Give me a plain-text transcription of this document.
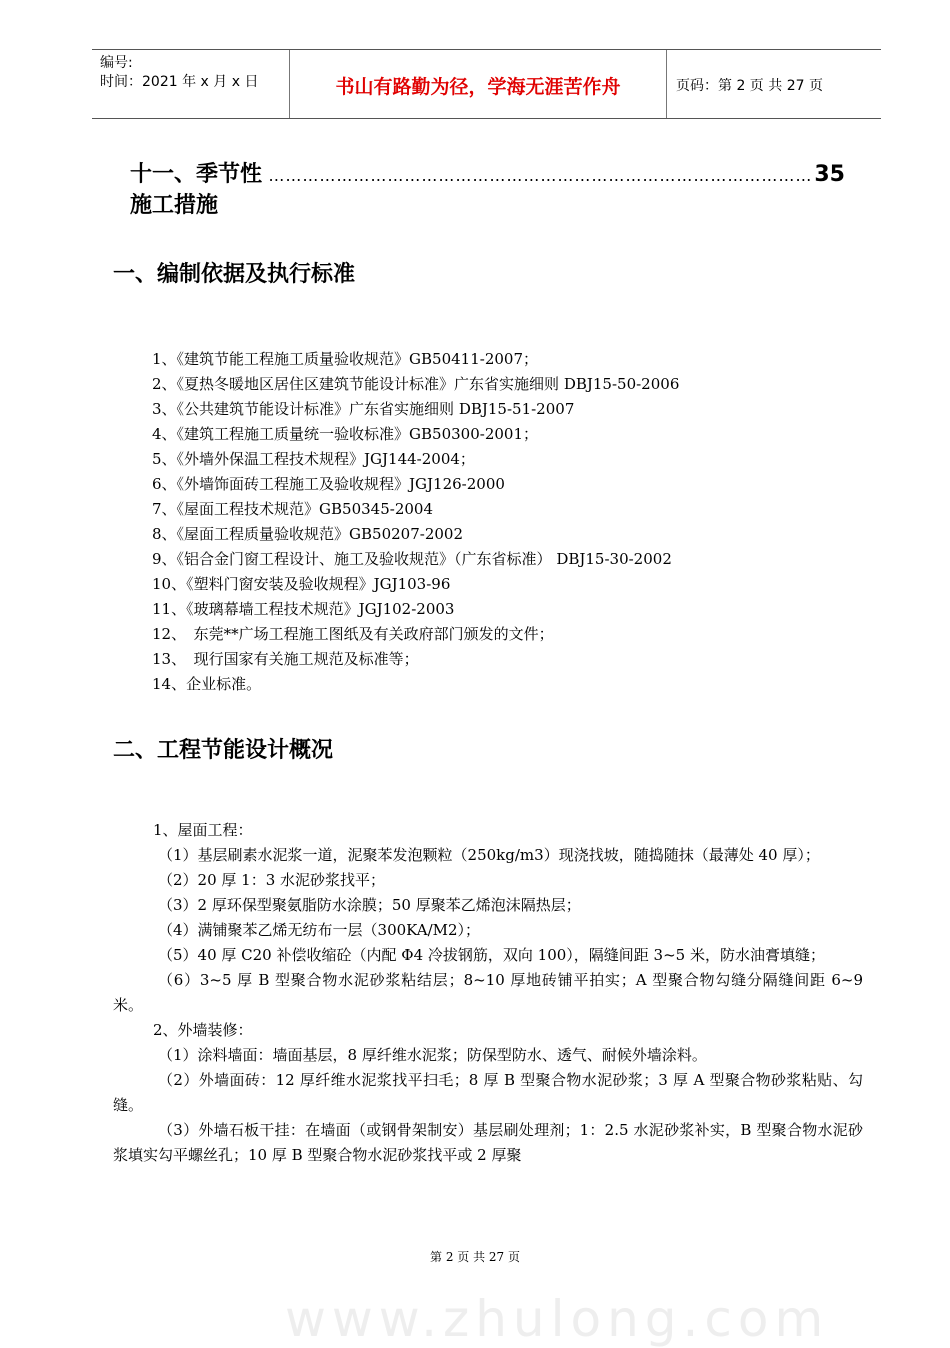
编号:
时间：2021 年 x 月 x 日	书山有路勤为径，学海无涯苦作舟	页码：第 2 页 共 27 页
十一、季节性施工措施
…………………………………………………………………………………… 35
一、编制依据及执行标准
1、《建筑节能工程施工质量验收规范》GB50411-2007；
2、《夏热冬暖地区居住区建筑节能设计标准》广东省实施细则 DBJ15-50-2006
3、《公共建筑节能设计标准》广东省实施细则 DBJ15-51-2007
4、《建筑工程施工质量统一验收标准》GB50300-2001；
5、《外墙外保温工程技术规程》JGJ144-2004；
6、《外墙饰面砖工程施工及验收规程》JGJ126-2000
7、《屋面工程技术规范》GB50345-2004
8、《屋面工程质量验收规范》GB50207-2002
9、《铝合金门窗工程设计、施工及验收规范》（广东省标准） DBJ15-30-2002
10、《塑料门窗安装及验收规程》JGJ103-96
11、《玻璃幕墙工程技术规范》JGJ102-2003
12、　东莞**广场工程施工图纸及有关政府部门颁发的文件；
13、　现行国家有关施工规范及标准等；
14、企业标准。
二、工程节能设计概况

1、屋面工程：

（1）基层刷素水泥浆一道，泥聚苯发泡颗粒（250kg/m3）现浇找坡，随捣随抹（最薄处 40 厚）；

（2）20 厚 1：3 水泥砂浆找平；

（3）2 厚环保型聚氨脂防水涂膜；50 厚聚苯乙烯泡沫隔热层；

（4）满铺聚苯乙烯无纺布一层（300KA/M2）；

（5）40 厚 C20 补偿收缩砼（内配 Φ4 冷拔钢筋，双向 100），隔缝间距 3~5 米，防水油膏填缝；

（6）3~5 厚 B 型聚合物水泥砂浆粘结层；8~10 厚地砖铺平拍实；A 型聚合物勾缝分隔缝间距 6~9 米。

2、外墙装修：

（1）涂料墙面：墙面基层，8 厚纤维水泥浆；防保型防水、透气、耐候外墙涂料。

（2）外墙面砖：12 厚纤维水泥浆找平扫毛；8 厚 B 型聚合物水泥砂浆；3 厚 A 型聚合物砂浆粘贴、勾缝。

（3）外墙石板干挂：在墙面（或钢骨架制安）基层刷处理剂；1：2.5 水泥砂浆补实，B 型聚合物水泥砂浆填实勾平螺丝孔；10 厚 B 型聚合物水泥砂浆找平或 2 厚聚

第 2 页 共 27 页
www.zhulong.com
